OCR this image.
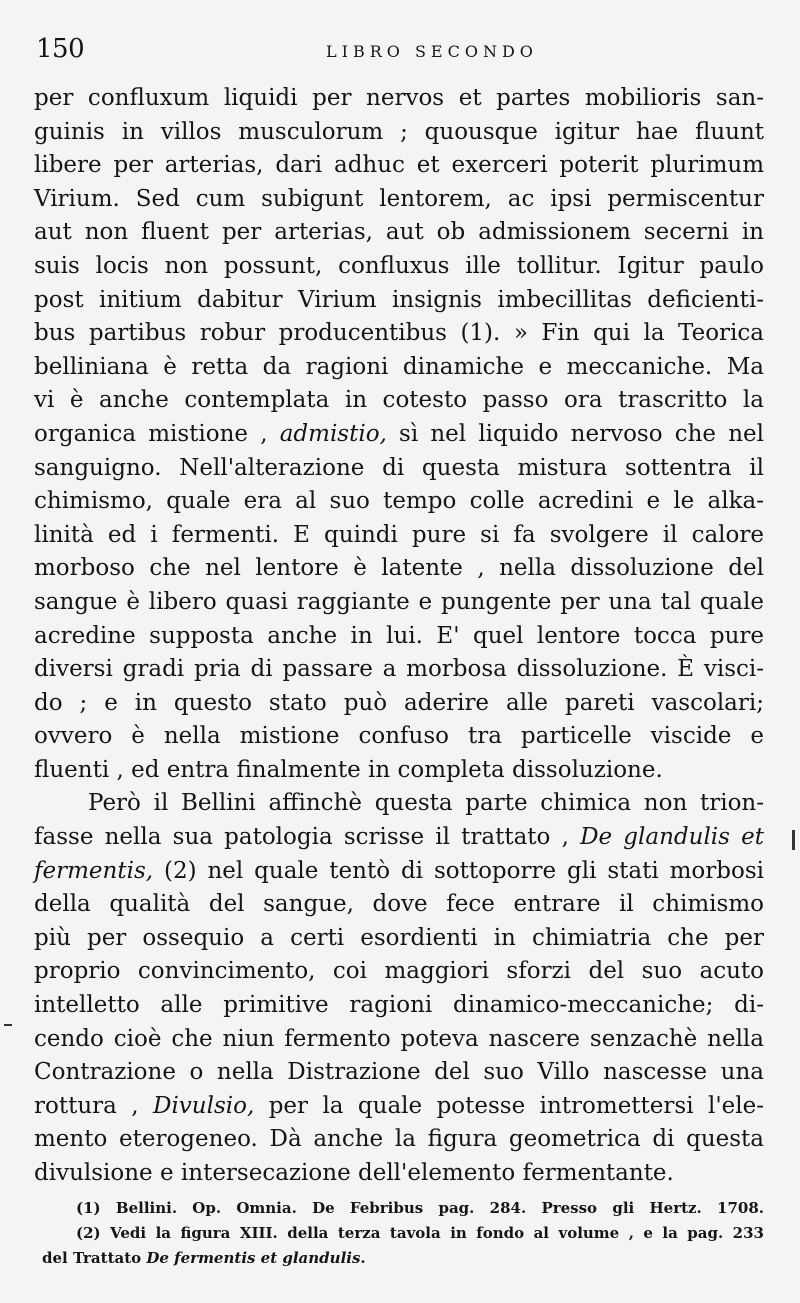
150	LIBRO SECONDO
per confluxum liquidi per nervos et partes mobilioris san-
guinis in villos musculorum ; quousque igitur hae fluunt
libere per arterias, dari adhuc et exerceri poterit plurimum
Virium. Sed cum subigunt lentorem, ac ipsi permiscentur
aut non fluent per arterias, aut ob admissionem secerni in
suis locis non possunt, confluxus ille tollitur. Igitur paulo
post initium dabitur Virium insignis imbecillitas deficienti-
bus partibus robur producentibus (1). » Fin qui la Teorica
belliniana è retta da ragioni dinamiche e meccaniche. Ma
vi è anche contemplata in cotesto passo ora trascritto la
organica mistione , admistio, sì nel liquido nervoso che nel
sanguigno. Nell'alterazione di questa mistura sottentra il
chimismo, quale era al suo tempo colle acredini e le alka-
linità ed i fermenti. E quindi pure si fa svolgere il calore
morboso che nel lentore è latente , nella dissoluzione del
sangue è libero quasi raggiante e pungente per una tal quale
acredine supposta anche in lui. E' quel lentore tocca pure
diversi gradi pria di passare a morbosa dissoluzione. È visci-
do ; e in questo stato può aderire alle pareti vascolari;
ovvero è nella mistione confuso tra particelle viscide e
fluenti , ed entra finalmente in completa dissoluzione.
Però il Bellini affinchè questa parte chimica non trion-
fasse nella sua patologia scrisse il trattato , De glandulis et
fermentis, (2) nel quale tentò di sottoporre gli stati morbosi
della qualità del sangue, dove fece entrare il chimismo
più per ossequio a certi esordienti in chimiatria che per
proprio convincimento, coi maggiori sforzi del suo acuto
intelletto alle primitive ragioni dinamico-meccaniche; di-
cendo cioè che niun fermento poteva nascere senzachè nella
Contrazione o nella Distrazione del suo Villo nascesse una
rottura , Divulsio, per la quale potesse intromettersi l'ele-
mento eterogeneo. Dà anche la figura geometrica di questa
divulsione e intersecazione dell'elemento fermentante.
(1) Bellini. Op. Omnia. De Febribus pag. 284. Presso gli Hertz. 1708.
(2) Vedi la figura XIII. della terza tavola in fondo al volume , e la pag. 233
del Trattato De fermentis et glandulis.
